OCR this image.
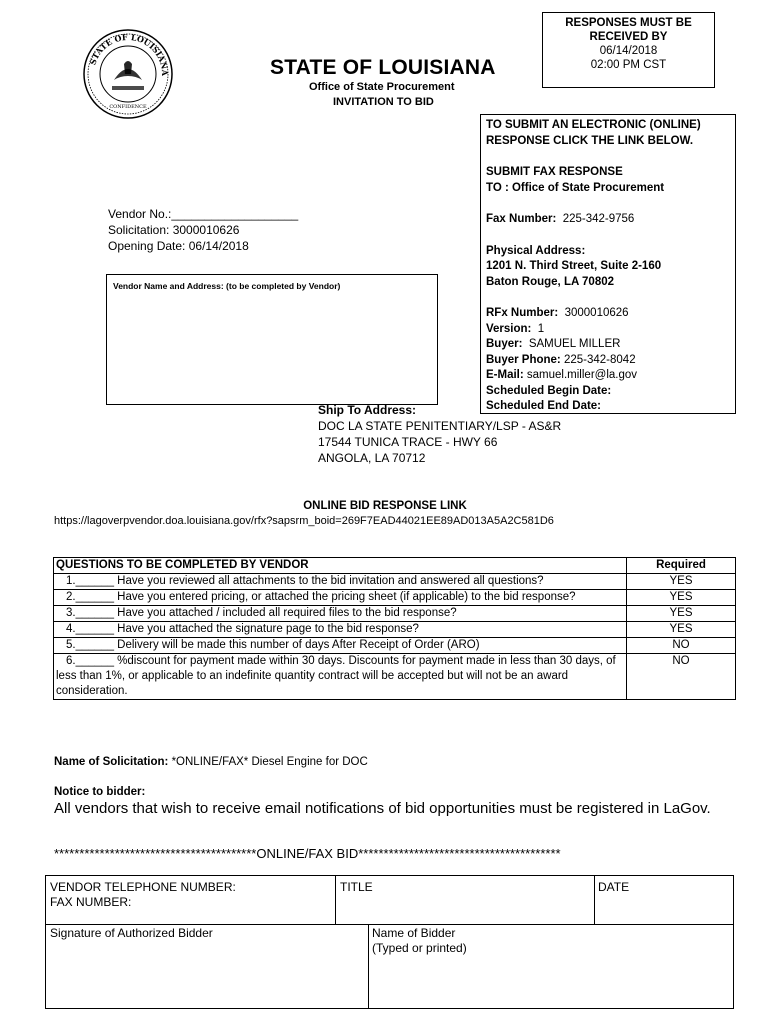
STATE OF LOUISIANA
CONFIDENCE
RESPONSES MUST BE
RECEIVED BY
06/14/2018
02:00 PM CST
STATE OF LOUISIANA
Office of State Procurement
INVITATION TO BID

TO SUBMIT AN ELECTRONIC (ONLINE)

RESPONSE CLICK THE LINK BELOW.

SUBMIT FAX RESPONSE

TO : Office of State Procurement

Fax Number: 225-342-9756

Physical Address:

1201 N. Third Street, Suite 2-160

Baton Rouge, LA 70802

RFx Number: 3000010626

Version: 1

Buyer: SAMUEL MILLER

Buyer Phone: 225-342-8042

E-Mail: samuel.miller@la.gov

Scheduled Begin Date:

Scheduled End Date:

Vendor No.:___________________
Solicitation: 3000010626
Opening Date: 06/14/2018
Vendor Name and Address: (to be completed by Vendor)
Ship To Address:
DOC LA STATE PENITENTIARY/LSP - AS&R
17544 TUNICA TRACE - HWY 66
ANGOLA, LA 70712
ONLINE BID RESPONSE LINK
https://lagoverpvendor.doa.louisiana.gov/rfx?sapsrm_boid=269F7EAD44021EE89AD013A5A2C581D6
QUESTIONS TO BE COMPLETED BY VENDOR	Required
1.______ Have you reviewed all attachments to the bid invitation and answered all questions?	YES
2.______ Have you entered pricing, or attached the pricing sheet (if applicable) to the bid response?	YES
3.______ Have you attached / included all required files to the bid response?	YES
4.______ Have you attached the signature page to the bid response?	YES
5.______ Delivery will be made this number of days After Receipt of Order (ARO)	NO
6.______ %discount for payment made within 30 days. Discounts for payment made in less than 30 days, of less than 1%, or applicable to an indefinite quantity contract will be accepted but will not be an award consideration.	NO
Name of Solicitation: *ONLINE/FAX* Diesel Engine for DOC
Notice to bidder:
All vendors that wish to receive email notifications of bid opportunities must be registered in LaGov.
****************************************ONLINE/FAX BID****************************************
VENDOR TELEPHONE NUMBER:
FAX NUMBER:
TITLE	DATE
Signature of Authorized Bidder	Name of Bidder
(Typed or printed)
